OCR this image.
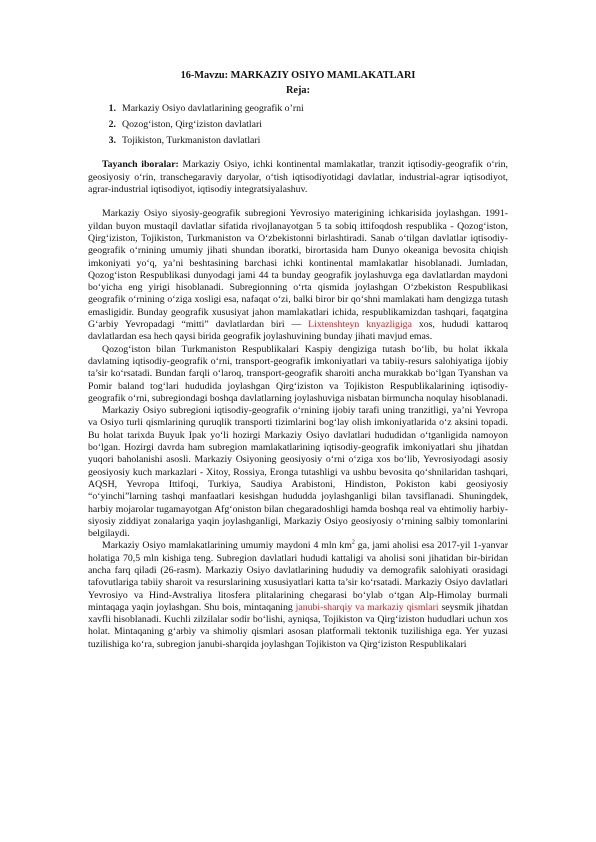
16-Mavzu: MARKAZIY OSIYO MAMLAKATLARI
Reja:
1. Markaziy Osiyo davlatlarining geografik o’rni
2. Qozog‘iston, Qirg‘iziston davlatlari
3. Tojikiston, Turkmaniston davlatlari

Tayanch iboralar: Markaziy Osiyo, ichki kontinental mamlakatlar, tranzit iqtisodiy-geografik o‘rin, geosiyosiy o‘rin, transchegaraviy daryolar, o‘tish iqtisodiyotidagi davlatlar, industrial-agrar iqtisodiyot, agrar-industrial iqtisodiyot, iqtisodiy integratsiyalashuv.

Markaziy Osiyo siyosiy-geografik subregioni Yevrosiyo materigining ichkarisida joylashgan. 1991-yildan buyon mustaqil davlatlar sifatida rivojlanayotgan 5 ta sobiq ittifoqdosh respublika - Qozog‘iston, Qirg‘iziston, Tojikiston, Turkmaniston va O‘zbekistonni birlashtiradi. Sanab o‘tilgan davlatlar iqtisodiy-geografik o‘rnining umumiy jihati shundan iboratki, birortasida ham Dunyo okeaniga bevosita chiqish imkoniyati yo‘q, ya’ni beshtasining barchasi ichki kontinental mamlakatlar hisoblanadi. Jumladan, Qozog‘iston Respublikasi dunyodagi jami 44 ta bunday geografik joylashuvga ega davlatlardan maydoni bo‘yicha eng yirigi hisoblanadi. Subregionning o‘rta qismida joylashgan O‘zbekiston Respublikasi geografik o‘rnining o‘ziga xosligi esa, nafaqat o‘zi, balki biror bir qo‘shni mamlakati ham dengizga tutash emasligidir. Bunday geografik xususiyat jahon mamlakatlari ichida, respublikamizdan tashqari, faqatgina G‘arbiy Yevropadagi “mitti” davlatlardan biri — Lixtenshteyn knyazligiga xos, hududi kattaroq davlatlardan esa hech qaysi birida geografik joylashuvining bunday jihati mavjud emas.

Qozog‘iston bilan Turkmaniston Respublikalari Kaspiy dengiziga tutash bo‘lib, bu holat ikkala davlatning iqtisodiy-geografik o‘rni, transport-geografik imkoniyatlari va tabiiy-resurs salohiyatiga ijobiy ta’sir ko‘rsatadi. Bundan farqli o‘laroq, transport-geografik sharoiti ancha murakkab bo‘lgan Tyanshan va Pomir baland tog‘lari hududida joylashgan Qirg‘iziston va Tojikiston Respublikalarining iqtisodiy-geografik o‘rni, subregiondagi boshqa davlatlarning joylashuviga nisbatan birmuncha noqulay hisoblanadi.

Markaziy Osiyo subregioni iqtisodiy-geografik o‘rnining ijobiy tarafi uning tranzitligi, ya’ni Yevropa va Osiyo turli qismlarining quruqlik transporti tizimlarini bog‘lay olish imkoniyatlarida o‘z aksini topadi. Bu holat tarixda Buyuk Ipak yo‘li hozirgi Markaziy Osiyo davlatlari hududidan o‘tganligida namoyon bo‘lgan. Hozirgi davrda ham subregion mamlakatlarining iqtisodiy-geografik imkoniyatlari shu jihatdan yuqori baholanishi asosli. Markaziy Osiyoning geosiyosiy o‘rni o‘ziga xos bo‘lib, Yevrosiyodagi asosiy geosiyosiy kuch markazlari - Xitoy, Rossiya, Eronga tutashligi va ushbu bevosita qo‘shnilaridan tashqari, AQSH, Yevropa Ittifoqi, Turkiya, Saudiya Arabistoni, Hindiston, Pokiston kabi geosiyosiy “o‘yinchi”larning tashqi manfaatlari kesishgan hududda joylashganligi bilan tavsiflanadi. Shuningdek, harbiy mojarolar tugamayotgan Afg‘oniston bilan chegaradoshligi hamda boshqa real va ehtimoliy harbiy-siyosiy ziddiyat zonalariga yaqin joylashganligi, Markaziy Osiyo geosiyosiy o‘rnining salbiy tomonlarini belgilaydi.

Markaziy Osiyo mamlakatlarining umumiy maydoni 4 mln $km^2$ ga, jami aholisi esa 2017-yil 1-yanvar holatiga 70,5 mln kishiga teng. Subregion davlatlari hududi kattaligi va aholisi soni jihatidan bir-biridan ancha farq qiladi (26-rasm). Markaziy Osiyo davlatlarining hududiy va demografik salohiyati orasidagi tafovutlariga tabiiy sharoit va resurslarining xususiyatlari katta ta’sir ko‘rsatadi. Markaziy Osiyo davlatlari Yevrosiyo va Hind-Avstraliya litosfera plitalarining chegarasi bo‘ylab o‘tgan Alp-Himolay burmali mintaqaga yaqin joylashgan. Shu bois, mintaqaning janubi-sharqiy va markaziy qismlari seysmik jihatdan xavfli hisoblanadi. Kuchli zilzilalar sodir bo‘lishi, ayniqsa, Tojikiston va Qirg‘iziston hududlari uchun xos holat. Mintaqaning g‘arbiy va shimoliy qismlari asosan platformali tektonik tuzilishiga ega. Yer yuzasi tuzilishiga ko‘ra, subregion janubi-sharqida joylashgan Tojikiston va Qirg‘iziston Respublikalari
